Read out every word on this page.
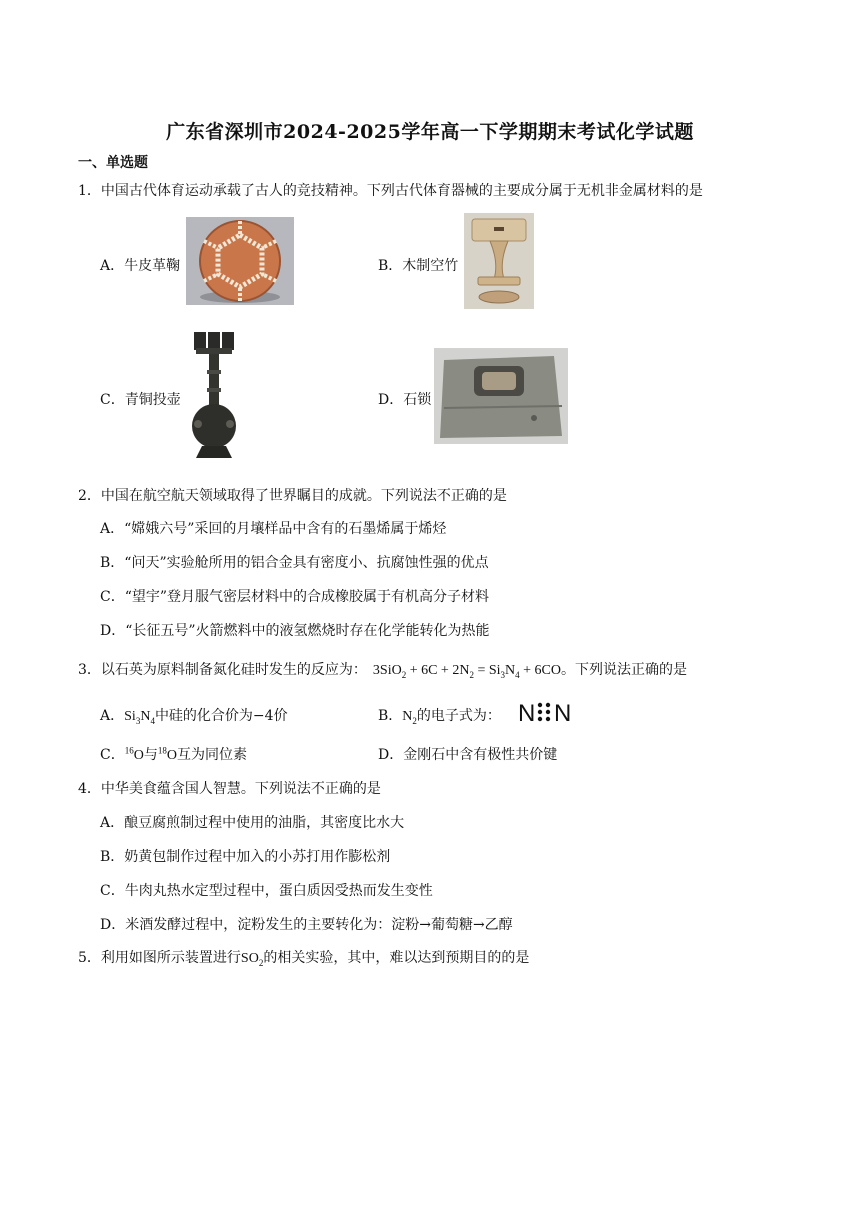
广东省深圳市2024-2025学年高一下学期期末考试化学试题
一、单选题
1．中国古代体育运动承载了古人的竞技精神。下列古代体育器械的主要成分属于无机非金属材料的是
A．牛皮革鞠	B．木制空竹
C．青铜投壶	D．石锁
2．中国在航空航天领域取得了世界瞩目的成就。下列说法不正确的是
A．“嫦娥六号”采回的月壤样品中含有的石墨烯属于烯烃
B．“问天”实验舱所用的铝合金具有密度小、抗腐蚀性强的优点
C．“望宇”登月服气密层材料中的合成橡胶属于有机高分子材料
D．“长征五号”火箭燃料中的液氢燃烧时存在化学能转化为热能
3．以石英为原料制备氮化硅时发生的反应为： $3SiO_2 + 6C + 2N_2 = Si_3N_4 + 6CO$。下列说法正确的是
A．$Si_3N_4$中硅的化合价为−4价	B．$N_2$的电子式为： N N
C．$^{16}$O与$^{18}$O互为同位素	D．金刚石中含有极性共价键
4．中华美食蕴含国人智慧。下列说法不正确的是
A．酿豆腐煎制过程中使用的油脂，其密度比水大
B．奶黄包制作过程中加入的小苏打用作膨松剂
C．牛肉丸热水定型过程中，蛋白质因受热而发生变性
D．米酒发酵过程中，淀粉发生的主要转化为：淀粉→葡萄糖→乙醇
5．利用如图所示装置进行$SO_2$的相关实验，其中，难以达到预期目的的是
